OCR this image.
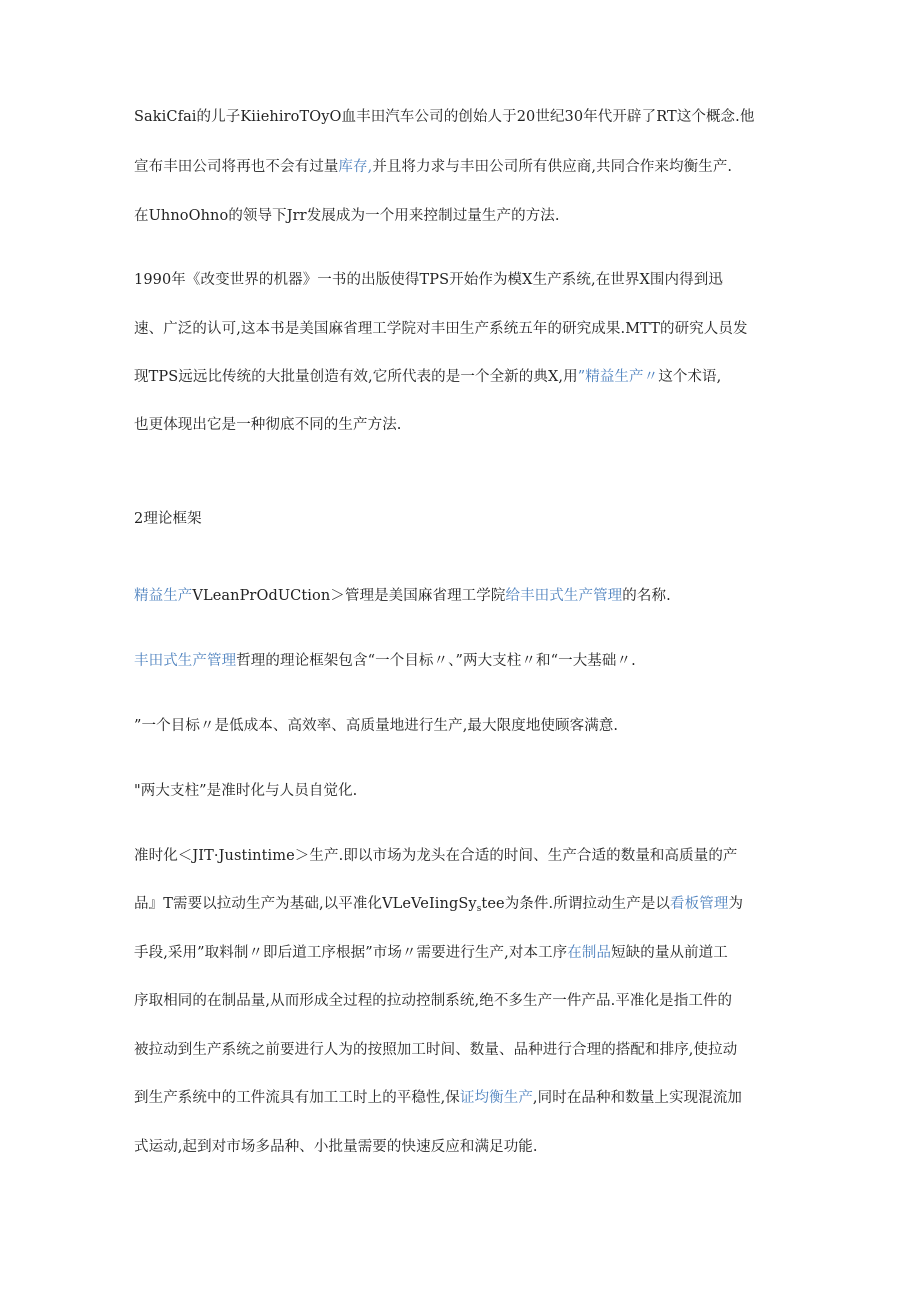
SakiCfai的儿子KiiehiroTOyO血丰田汽车公司的创始人于20世纪30年代开辟了RT这个概念.他
宣布丰田公司将再也不会有过量库存,并且将力求与丰田公司所有供应商,共同合作来均衡生产.
在UhnoOhno的领导下Jrr发展成为一个用来控制过量生产的方法.
1990年《改变世界的机器》一书的出版使得TPS开始作为模X生产系统,在世界X围内得到迅
速、广泛的认可,这本书是美国麻省理工学院对丰田生产系统五年的研究成果.MTT的研究人员发
现TPS远远比传统的大批量创造有效,它所代表的是一个全新的典X,用”精益生产〃这个术语,
也更体现出它是一种彻底不同的生产方法.
2理论框架
精益生产VLeanPrOdUCtion＞管理是美国麻省理工学院给丰田式生产管理的名称.
丰田式生产管理哲理的理论框架包含“一个目标〃、”两大支柱〃和“一大基础〃.
”一个目标〃是低成本、高效率、高质量地进行生产,最大限度地使顾客满意.
"两大支柱”是准时化与人员自觉化.
准时化＜JIT·Justintime＞生产.即以市场为龙头在合适的时间、生产合适的数量和高质量的产
品』T需要以拉动生产为基础,以平准化VLeVeIingSy$_s$tee为条件.所谓拉动生产是以看板管理为
手段,采用”取料制〃即后道工序根据”市场〃需要进行生产,对本工序在制品短缺的量从前道工
序取相同的在制品量,从而形成全过程的拉动控制系统,绝不多生产一件产品.平准化是指工件的
被拉动到生产系统之前要进行人为的按照加工时间、数量、品种进行合理的搭配和排序,使拉动
到生产系统中的工件流具有加工工时上的平稳性,保证均衡生产,同时在品种和数量上实现混流加
式运动,起到对市场多品种、小批量需要的快速反应和满足功能.
